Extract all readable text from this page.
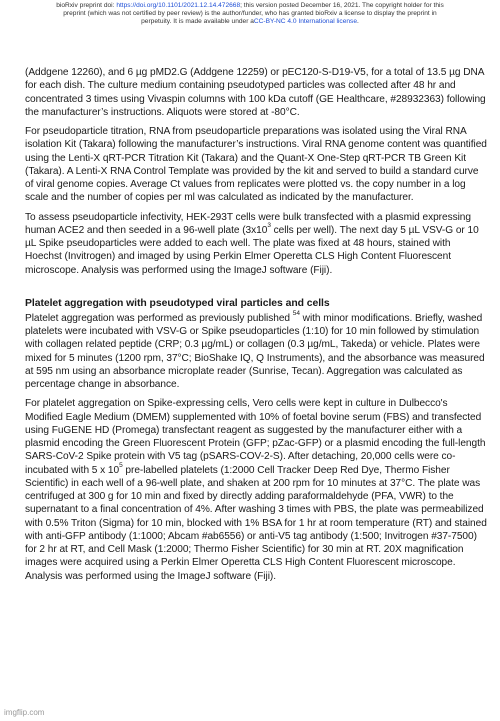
bioRxiv preprint doi: https://doi.org/10.1101/2021.12.14.472668; this version posted December 16, 2021. The copyright holder for this
preprint (which was not certified by peer review) is the author/funder, who has granted bioRxiv a license to display the preprint in
perpetuity. It is made available under aCC-BY-NC 4.0 International license.

(Addgene 12260), and 6 µg pMD2.G (Addgene 12259) or pEC120-S-D19-V5, for a total of 13.5 µg DNA for each dish. The culture medium containing pseudotyped particles was collected after 48 hr and concentrated 3 times using Vivaspin columns with 100 kDa cutoff (GE Healthcare, #28932363) following the manufacturer’s instructions. Aliquots were stored at -80°C.

For pseudoparticle titration, RNA from pseudoparticle preparations was isolated using the Viral RNA isolation Kit (Takara) following the manufacturer’s instructions. Viral RNA genome content was quantified using the Lenti-X qRT-PCR Titration Kit (Takara) and the Quant-X One-Step qRT-PCR TB Green Kit (Takara). A Lenti-X RNA Control Template was provided by the kit and served to build a standard curve of viral genome copies. Average Ct values from replicates were plotted vs. the copy number in a log scale and the number of copies per ml was calculated as indicated by the manufacturer.

To assess pseudoparticle infectivity, HEK-293T cells were bulk transfected with a plasmid expressing human ACE2 and then seeded in a 96-well plate ($3x10^3$ cells per well). The next day 5 µL VSV-G or 10 µL Spike pseudoparticles were added to each well. The plate was fixed at 48 hours, stained with Hoechst (Invitrogen) and imaged by using Perkin Elmer Operetta CLS High Content Fluorescent microscope. Analysis was performed using the ImageJ software (Fiji).

Platelet aggregation with pseudotyped viral particles and cells

Platelet aggregation was performed as previously published $^{54}$ with minor modifications. Briefly, washed platelets were incubated with VSV-G or Spike pseudoparticles (1:10) for 10 min followed by stimulation with collagen related peptide (CRP; 0.3 µg/mL) or collagen (0.3 µg/mL, Takeda) or vehicle. Plates were mixed for 5 minutes (1200 rpm, 37°C; BioShake IQ, Q Instruments), and the absorbance was measured at 595 nm using an absorbance microplate reader (Sunrise, Tecan). Aggregation was calculated as percentage change in absorbance.

For platelet aggregation on Spike-expressing cells, Vero cells were kept in culture in Dulbecco's Modified Eagle Medium (DMEM) supplemented with 10% of foetal bovine serum (FBS) and transfected using FuGENE HD (Promega) transfectant reagent as suggested by the manufacturer either with a plasmid encoding the Green Fluorescent Protein (GFP; pZac-GFP) or a plasmid encoding the full-length SARS-CoV-2 Spike protein with V5 tag (pSARS-COV-2-S). After detaching, 20,000 cells were co-incubated with 5 x $10^5$ pre-labelled platelets (1:2000 Cell Tracker Deep Red Dye, Thermo Fisher Scientific) in each well of a 96-well plate, and shaken at 200 rpm for 10 minutes at 37°C. The plate was centrifuged at 300 g for 10 min and fixed by directly adding paraformaldehyde (PFA, VWR) to the supernatant to a final concentration of 4%. After washing 3 times with PBS, the plate was permeabilized with 0.5% Triton (Sigma) for 10 min, blocked with 1% BSA for 1 hr at room temperature (RT) and stained with anti-GFP antibody (1:1000; Abcam #ab6556) or anti-V5 tag antibody (1:500; Invitrogen #37-7500) for 2 hr at RT, and Cell Mask (1:2000; Thermo Fisher Scientific) for 30 min at RT. 20X magnification images were acquired using a Perkin Elmer Operetta CLS High Content Fluorescent microscope. Analysis was performed using the ImageJ software (Fiji).

imgflip.com
